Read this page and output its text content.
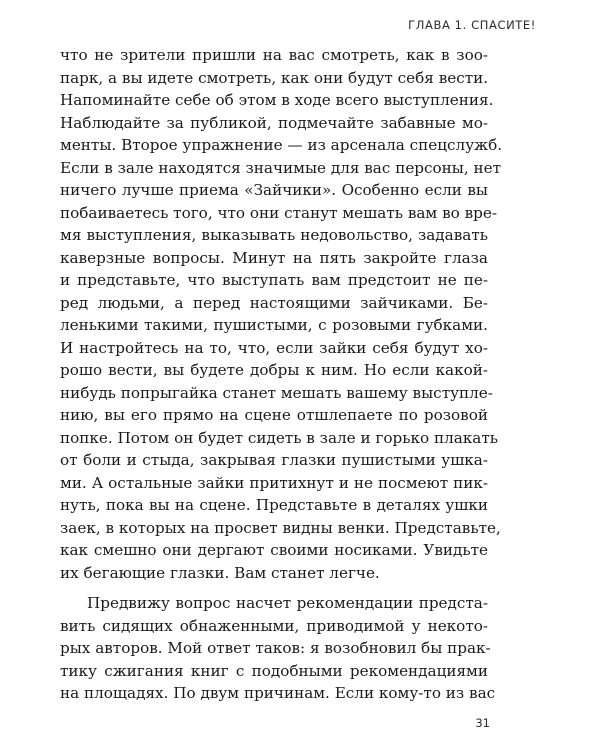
ГЛАВА 1. СПАСИТЕ!
что не зрители пришли на вас смотреть, как в зоо-
парк, а вы идете смотреть, как они будут себя вести.
Напоминайте себе об этом в ходе всего выступления.
Наблюдайте за публикой, подмечайте забавные мо-
менты. Второе упражнение — из арсенала спецслужб.
Если в зале находятся значимые для вас персоны, нет
ничего лучше приема «Зайчики». Особенно если вы
побаиваетесь того, что они станут мешать вам во вре-
мя выступления, выказывать недовольство, задавать
каверзные вопросы. Минут на пять закройте глаза
и представьте, что выступать вам предстоит не пе-
ред людьми, а перед настоящими зайчиками. Бе-
ленькими такими, пушистыми, с розовыми губками.
И настройтесь на то, что, если зайки себя будут хо-
рошо вести, вы будете добры к ним. Но если какой-
нибудь попрыгайка станет мешать вашему выступле-
нию, вы его прямо на сцене отшлепаете по розовой
попке. Потом он будет сидеть в зале и горько плакать
от боли и стыда, закрывая глазки пушистыми ушка-
ми. А остальные зайки притихнут и не посмеют пик-
нуть, пока вы на сцене. Представьте в деталях ушки
заек, в которых на просвет видны венки. Представьте,
как смешно они дергают своими носиками. Увидьте
их бегающие глазки. Вам станет легче.
Предвижу вопрос насчет рекомендации предста-
вить сидящих обнаженными, приводимой у некото-
рых авторов. Мой ответ таков: я возобновил бы прак-
тику сжигания книг с подобными рекомендациями
на площадях. По двум причинам. Если кому-то из вас
31
